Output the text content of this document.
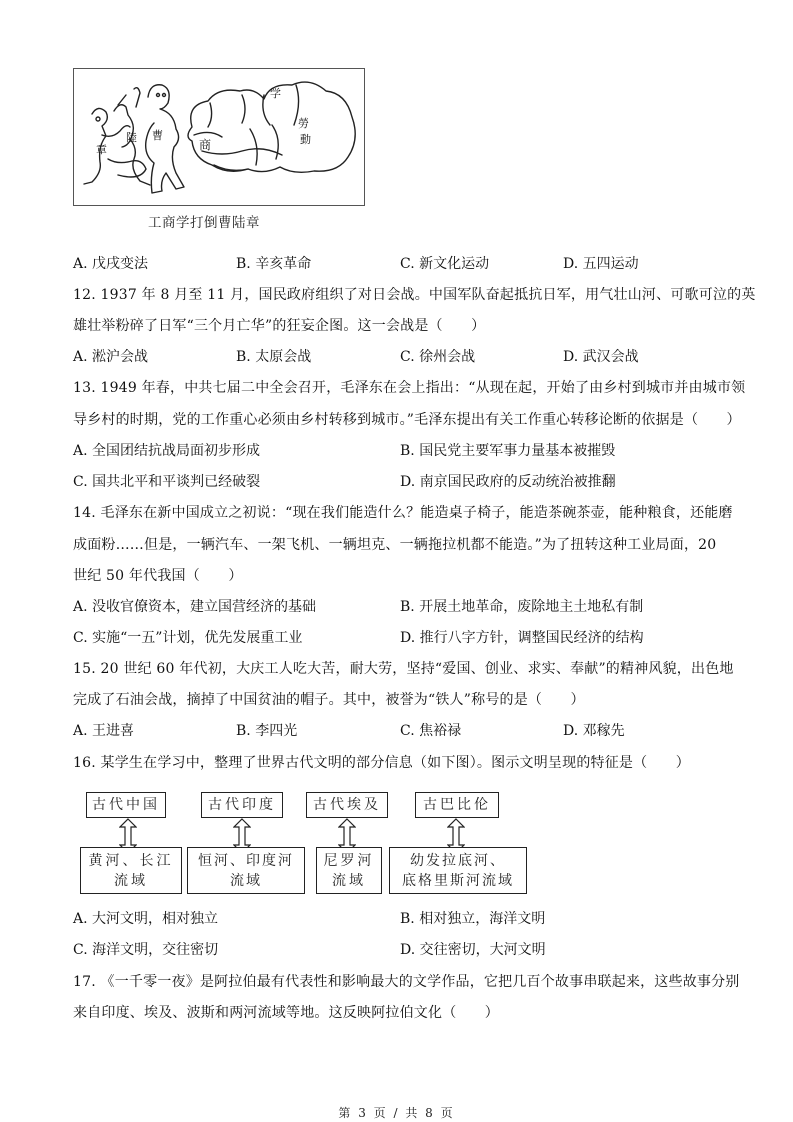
章
陸 曹
商
学
勞
動
工商学打倒曹陆章
A. 戊戌变法	B. 辛亥革命	C. 新文化运动	D. 五四运动
12. 1937 年 8 月至 11 月，国民政府组织了对日会战。中国军队奋起抵抗日军，用气壮山河、可歌可泣的英
雄壮举粉碎了日军“三个月亡华”的狂妄企图。这一会战是（　　）
A. 淞沪会战	B. 太原会战	C. 徐州会战	D. 武汉会战
13. 1949 年春，中共七届二中全会召开，毛泽东在会上指出：“从现在起，开始了由乡村到城市并由城市领
导乡村的时期，党的工作重心必须由乡村转移到城市。”毛泽东提出有关工作重心转移论断的依据是（　　）
A. 全国团结抗战局面初步形成	B. 国民党主要军事力量基本被摧毁
C. 国共北平和平谈判已经破裂	D. 南京国民政府的反动统治被推翻
14. 毛泽东在新中国成立之初说：“现在我们能造什么？能造桌子椅子，能造茶碗茶壶，能种粮食，还能磨
成面粉……但是，一辆汽车、一架飞机、一辆坦克、一辆拖拉机都不能造。”为了扭转这种工业局面，20
世纪 50 年代我国（　　）
A. 没收官僚资本，建立国营经济的基础	B. 开展土地革命，废除地主土地私有制
C. 实施“一五”计划，优先发展重工业	D. 推行八字方针，调整国民经济的结构
15. 20 世纪 60 年代初，大庆工人吃大苦，耐大劳，坚持“爱国、创业、求实、奉献”的精神风貌，出色地
完成了石油会战，摘掉了中国贫油的帽子。其中，被誉为“铁人”称号的是（　　）
A. 王进喜	B. 李四光	C. 焦裕禄	D. 邓稼先
16. 某学生在学习中，整理了世界古代文明的部分信息（如下图）。图示文明呈现的特征是（　　）
古代中国	古代印度	古代埃及	古巴比伦
黄河、长江
流域
恒河、印度河
流域
尼罗河
流域
幼发拉底河、
底格里斯河流域
A. 大河文明，相对独立	B. 相对独立，海洋文明
C. 海洋文明，交往密切	D. 交往密切，大河文明
17. 《一千零一夜》是阿拉伯最有代表性和影响最大的文学作品，它把几百个故事串联起来，这些故事分别
来自印度、埃及、波斯和两河流域等地。这反映阿拉伯文化（　　）
第 3 页 / 共 8 页
